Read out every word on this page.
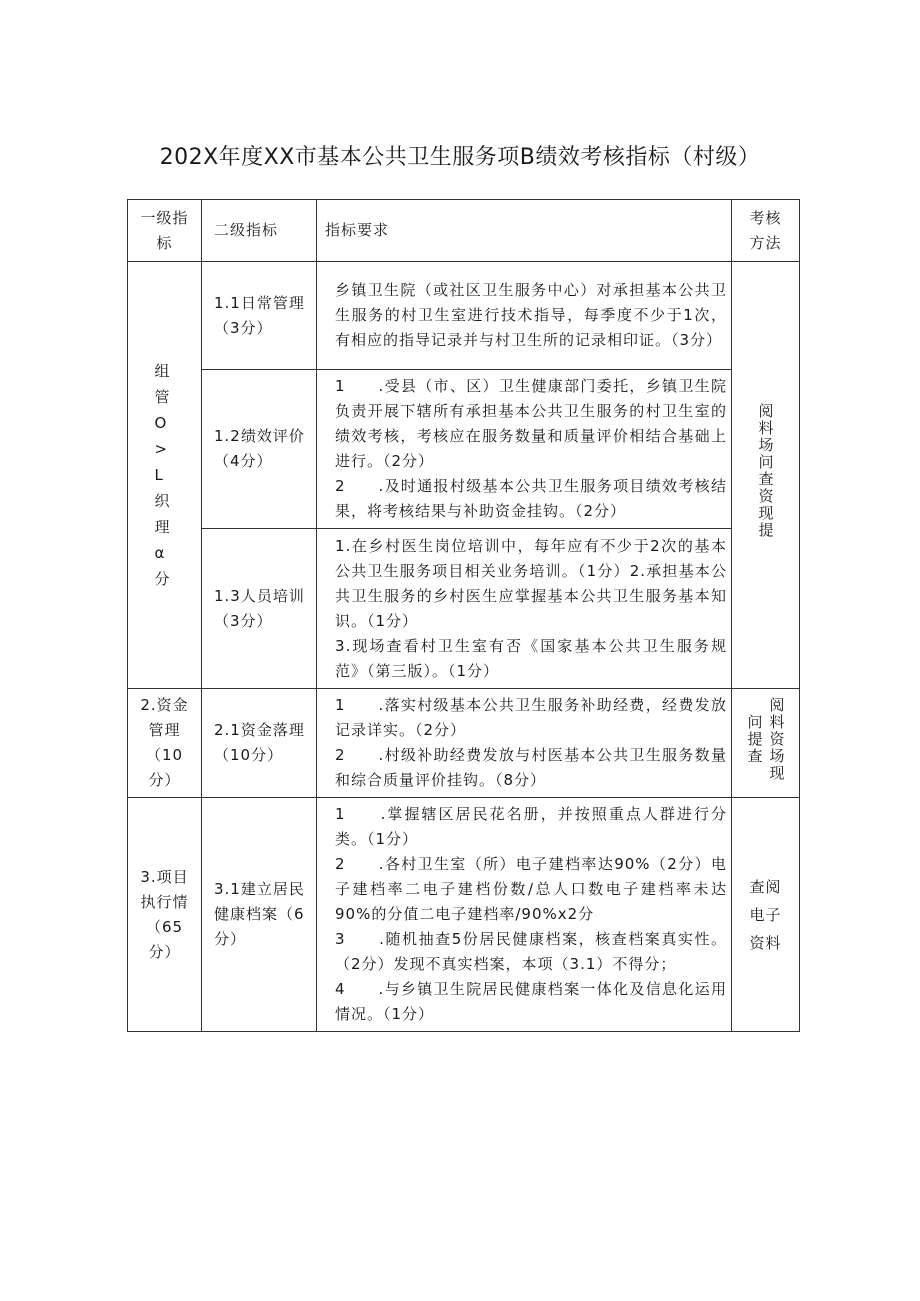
202X年度XX市基本公共卫生服务项B绩效考核指标（村级）
一级指标	二级指标	指标要求	考核方法

组管O>L织理α分	1.1日常管理（3分）	乡镇卫生院（或社区卫生服务中心）对承担基本公共卫生服务的村卫生室进行技术指导，每季度不少于1次，有相应的指导记录并与村卫生所的记录相印证。（3分）	阅料场问查资现提
	1.2绩效评价（4分）	1　　.受县（市、区）卫生健康部门委托，乡镇卫生院负责开展下辖所有承担基本公共卫生服务的村卫生室的绩效考核，考核应在服务数量和质量评价相结合基础上进行。（2分）
2　　.及时通报村级基本公共卫生服务项目绩效考核结果，将考核结果与补助资金挂钩。（2分）	

	1.3人员培训（3分）	1.在乡村医生岗位培训中，每年应有不少于2次的基本公共卫生服务项目相关业务培训。（1分）2.承担基本公共卫生服务的乡村医生应掌握基本公共卫生服务基本知识。（1分）
3.现场查看村卫生室有否《国家基本公共卫生服务规范》（第三版）。（1分）	

2.资金管理（10分）	2.1资金落理（10分）	1　　.落实村级基本公共卫生服务补助经费，经费发放记录详实。（2分）
2　　.村级补助经费发放与村医基本公共卫生服务数量和综合质量评价挂钩。（8分）	阅料资场现问提查
3.项目执行情（65分）	3.1建立居民健康档案（6分）	1　　.掌握辖区居民花名册，并按照重点人群进行分类。（1分）
2　　.各村卫生室（所）电子建档率达90%（2分）电子建档率二电子建档份数/总人口数电子建档率未达90%的分值二电子建档率/90%x2分
3　　.随机抽查5份居民健康档案，核查档案真实性。（2分）发现不真实档案，本项（3.1）不得分；
4　　.与乡镇卫生院居民健康档案一体化及信息化运用情况。（1分）	查阅电子资料
